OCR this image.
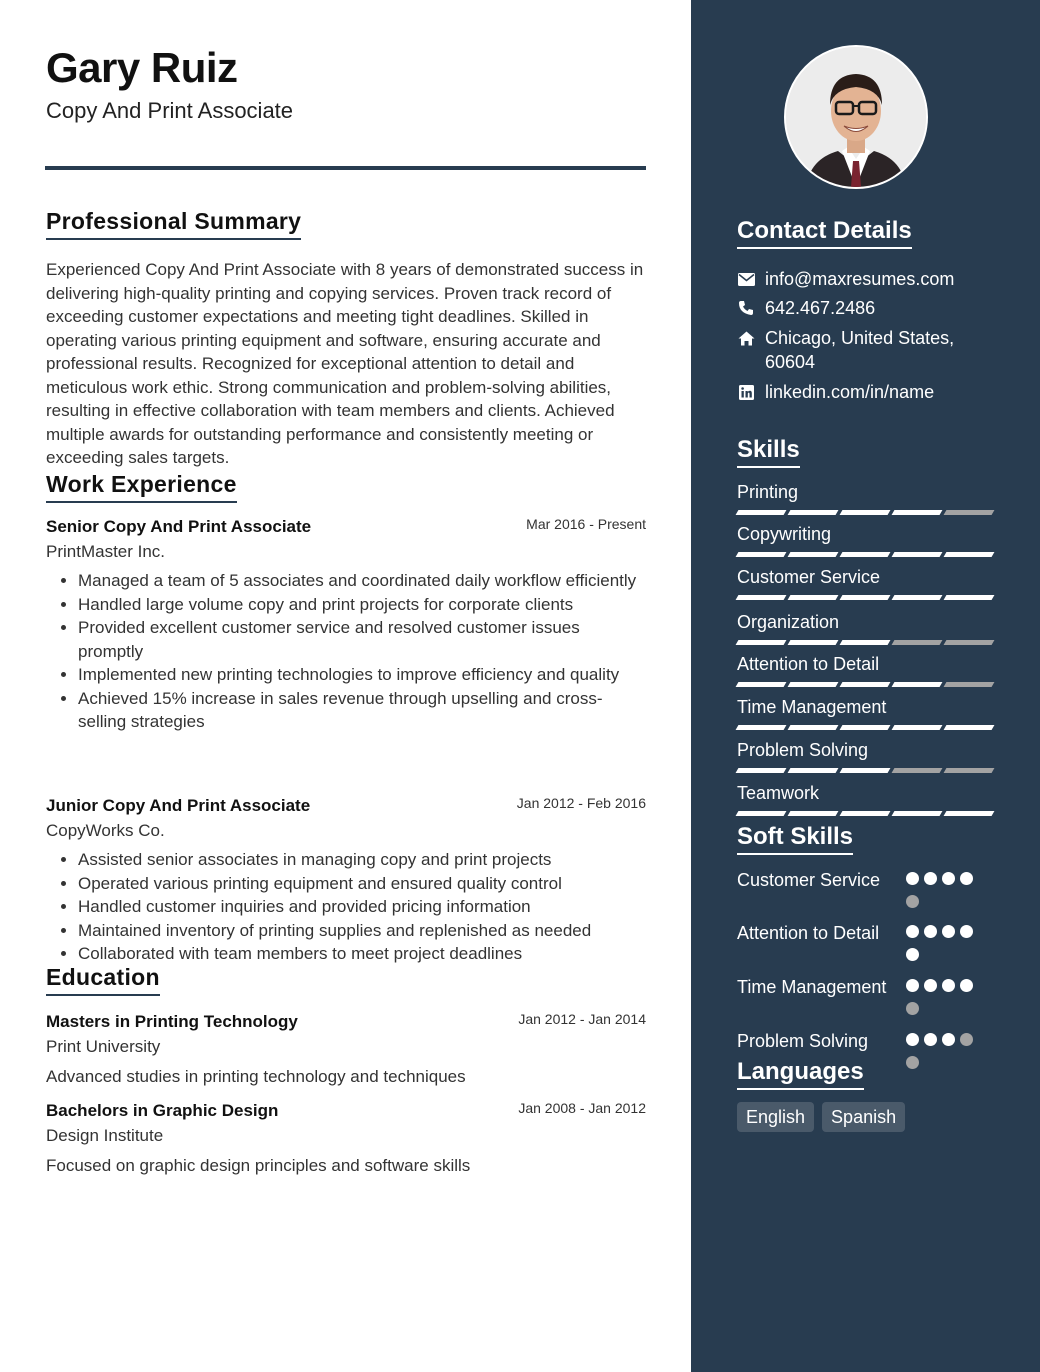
Gary Ruiz
Copy And Print Associate
Professional Summary

Experienced Copy And Print Associate with 8 years of demonstrated success in delivering high-quality printing and copying services. Proven track record of exceeding customer expectations and meeting tight deadlines. Skilled in operating various printing equipment and software, ensuring accurate and professional results. Recognized for exceptional attention to detail and meticulous work ethic. Strong communication and problem-solving abilities, resulting in effective collaboration with team members and clients. Achieved multiple awards for outstanding performance and consistently meeting or exceeding sales targets.

Work Experience
Senior Copy And Print Associate	Mar 2016 - Present
PrintMaster Inc.
• Managed a team of 5 associates and coordinated daily workflow efficiently
• Handled large volume copy and print projects for corporate clients
• Provided excellent customer service and resolved customer issues promptly
• Implemented new printing technologies to improve efficiency and quality
• Achieved 15% increase in sales revenue through upselling and cross-selling strategies
Junior Copy And Print Associate	Jan 2012 - Feb 2016
CopyWorks Co.
• Assisted senior associates in managing copy and print projects
• Operated various printing equipment and ensured quality control
• Handled customer inquiries and provided pricing information
• Maintained inventory of printing supplies and replenished as needed
• Collaborated with team members to meet project deadlines
Education
Masters in Printing Technology	Jan 2012 - Jan 2014
Print University
Advanced studies in printing technology and techniques
Bachelors in Graphic Design	Jan 2008 - Jan 2012
Design Institute
Focused on graphic design principles and software skills
Contact Details
info@maxresumes.com
642.467.2486
Chicago, United States, 60604
linkedin.com/in/name
Skills
Printing
Copywriting
Customer Service
Organization
Attention to Detail
Time Management
Problem Solving
Teamwork
Soft Skills
Customer Service
Attention to Detail
Time Management
Problem Solving
Languages
English	Spanish
